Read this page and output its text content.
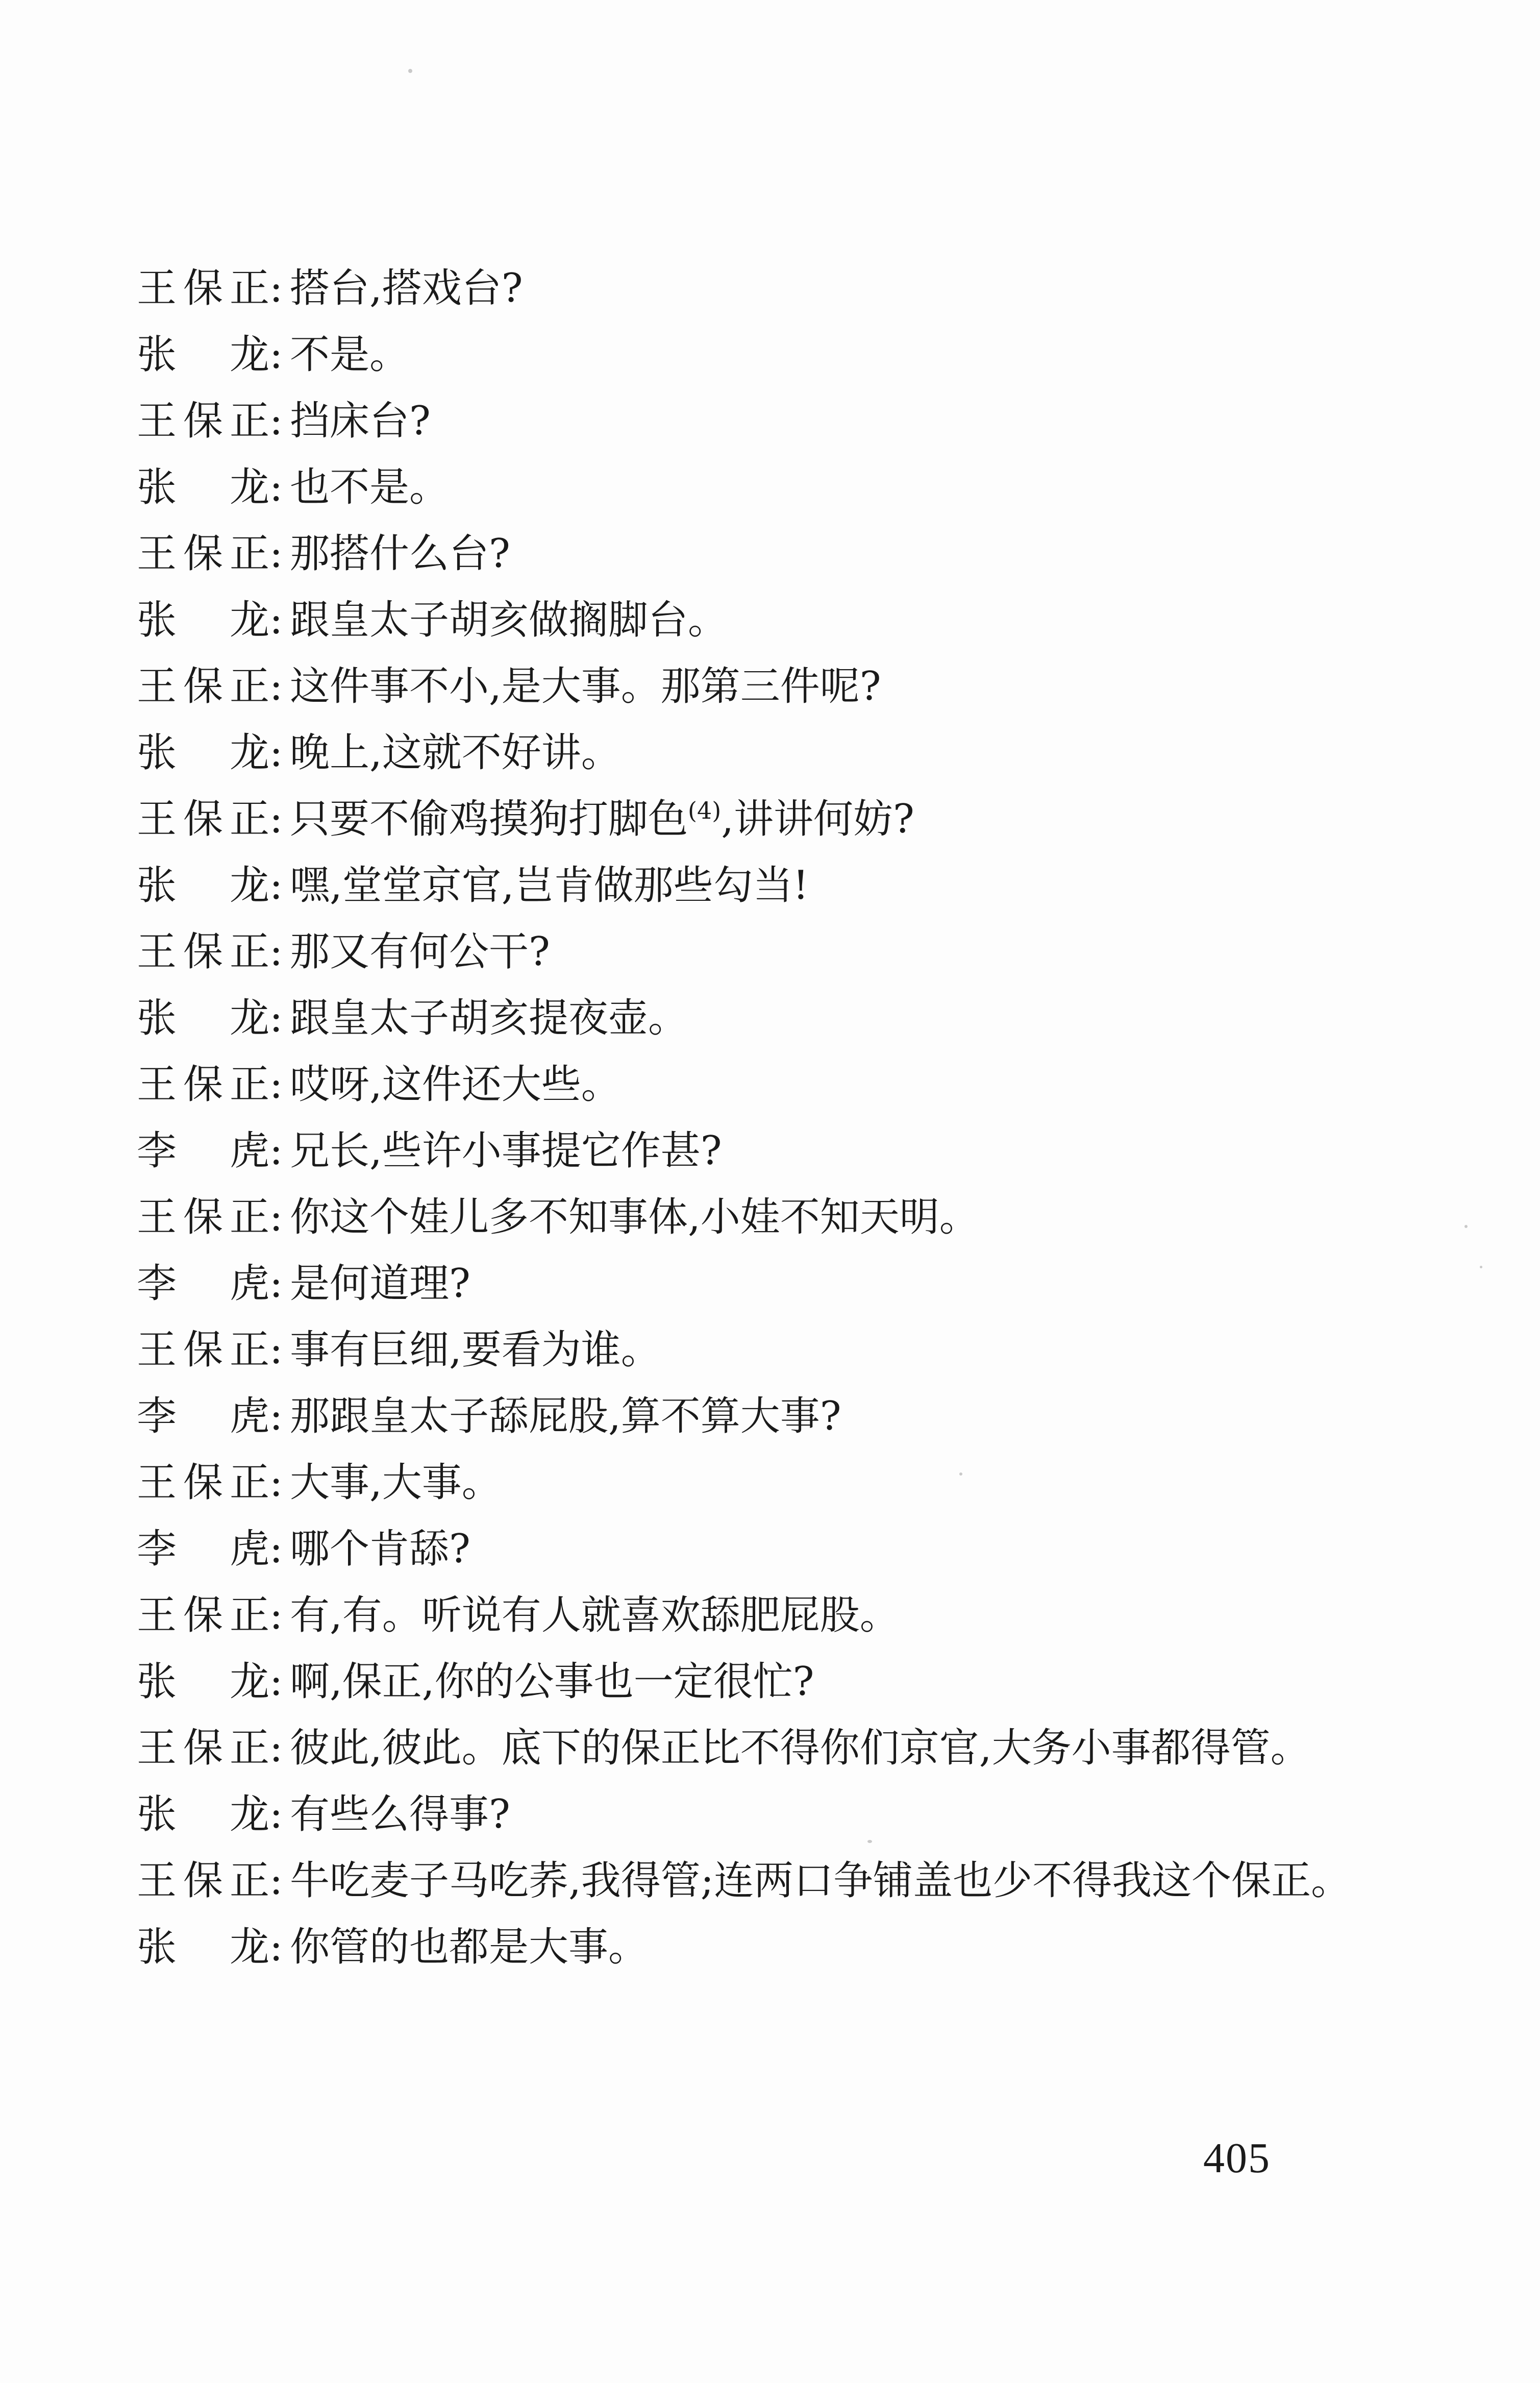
王 保 正 : 搭台,搭戏台?
张 龙 : 不是。
王 保 正 : 挡床台?
张 龙 : 也不是。
王 保 正 : 那搭什么台?
张 龙 : 跟皇太子胡亥做搁脚台。
王 保 正 : 这件事不小,是大事。那第三件呢?
张 龙 : 晚上,这就不好讲。
王 保 正 : 只要不偷鸡摸狗打脚色$^{(4)}$,讲讲何妨?
张 龙 : 嘿,堂堂京官,岂肯做那些勾当!
王 保 正 : 那又有何公干?
张 龙 : 跟皇太子胡亥提夜壶。
王 保 正 : 哎呀,这件还大些。
李 虎 : 兄长,些许小事提它作甚?
王 保 正 : 你这个娃儿多不知事体,小娃不知天明。
李 虎 : 是何道理?
王 保 正 : 事有巨细,要看为谁。
李 虎 : 那跟皇太子舔屁股,算不算大事?
王 保 正 : 大事,大事。
李 虎 : 哪个肯舔?
王 保 正 : 有,有。听说有人就喜欢舔肥屁股。
张 龙 : 啊,保正,你的公事也一定很忙?
王 保 正 : 彼此,彼此。底下的保正比不得你们京官,大务小事都得管。
张 龙 : 有些么得事?
王 保 正 : 牛吃麦子马吃荞,我得管;连两口争铺盖也少不得我这个保正。
张 龙 : 你管的也都是大事。
405
